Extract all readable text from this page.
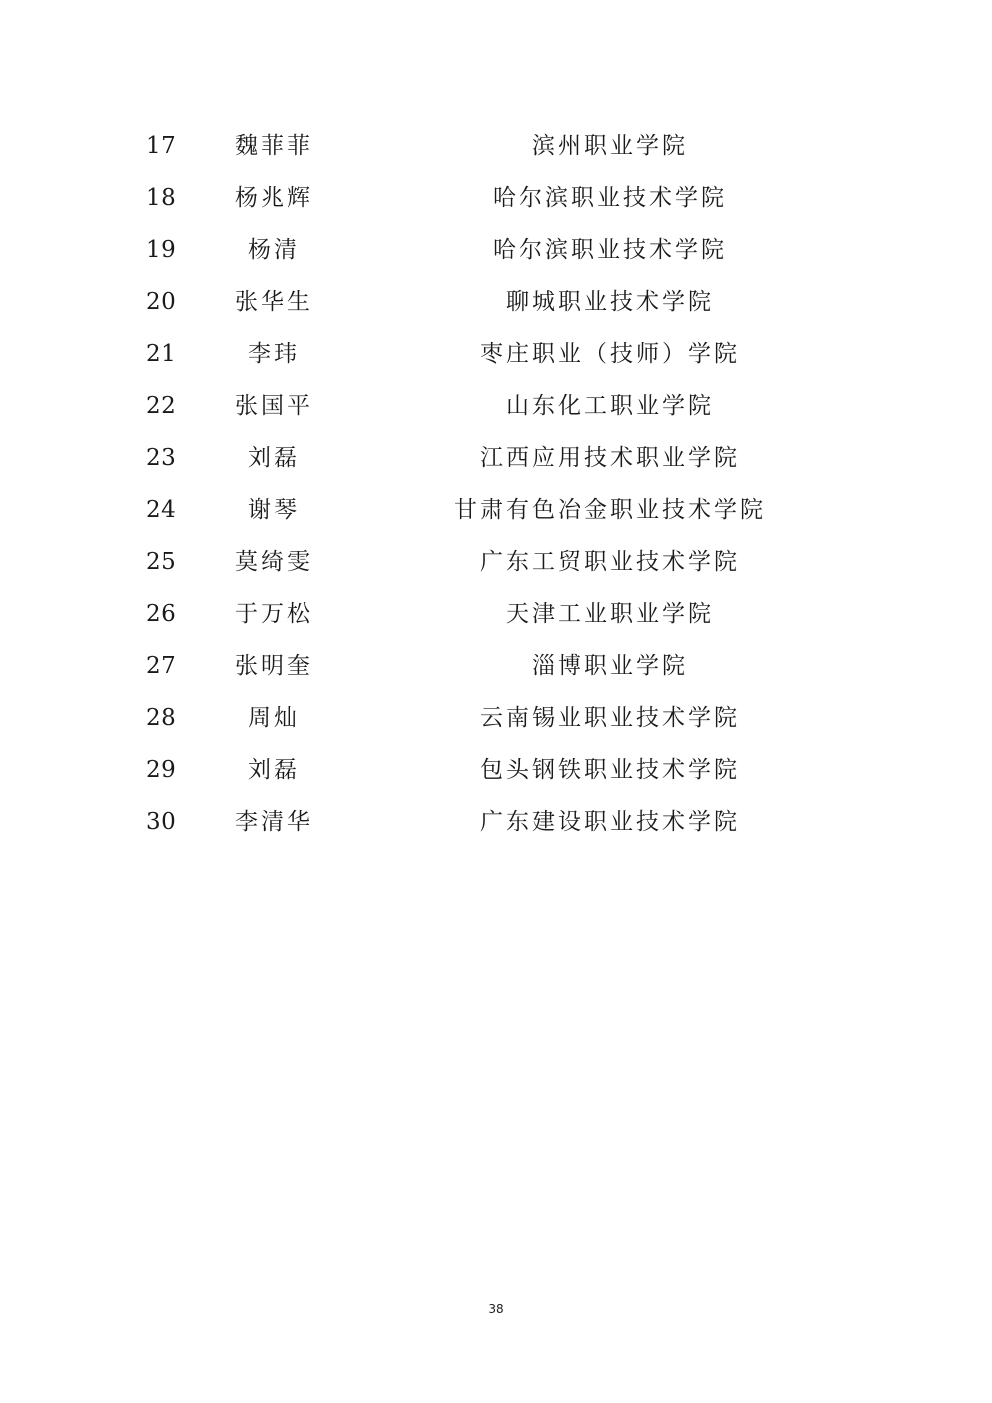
17	魏菲菲	滨州职业学院
18	杨兆辉	哈尔滨职业技术学院
19	杨清	哈尔滨职业技术学院
20	张华生	聊城职业技术学院
21	李玮	枣庄职业（技师）学院
22	张国平	山东化工职业学院
23	刘磊	江西应用技术职业学院
24	谢琴	甘肃有色冶金职业技术学院
25	莫绮雯	广东工贸职业技术学院
26	于万松	天津工业职业学院
27	张明奎	淄博职业学院
28	周灿	云南锡业职业技术学院
29	刘磊	包头钢铁职业技术学院
30	李清华	广东建设职业技术学院
38
